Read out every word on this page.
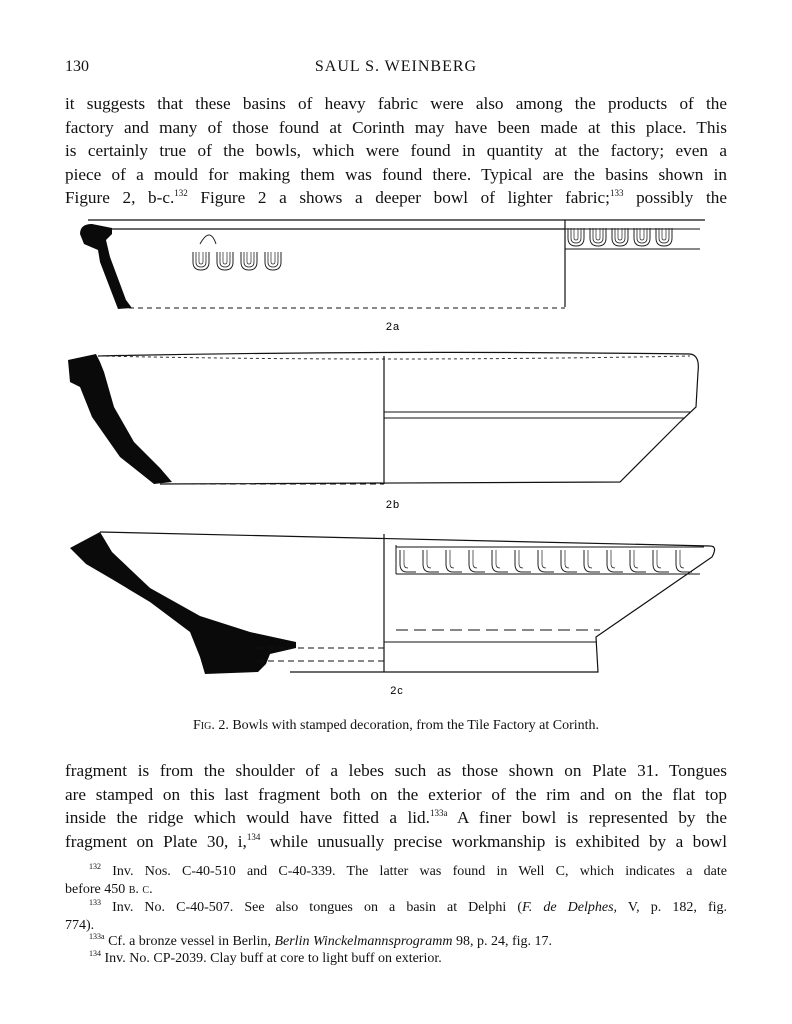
130	SAUL S. WEINBERG
it suggests that these basins of heavy fabric were also among the products of the
factory and many of those found at Corinth may have been made at this place. This
is certainly true of the bowls, which were found in quantity at the factory; even a
piece of a mould for making them was found there. Typical are the basins shown in
Figure 2, b-c.$^{132}$ Figure 2 a shows a deeper bowl of lighter fabric;$^{133}$ possibly the
2a
2b
2c
Fig. 2. Bowls with stamped decoration, from the Tile Factory at Corinth.
fragment is from the shoulder of a lebes such as those shown on Plate 31. Tongues
are stamped on this last fragment both on the exterior of the rim and on the flat top
inside the ridge which would have fitted a lid.$^{133a}$ A finer bowl is represented by the
fragment on Plate 30, i,$^{134}$ while unusually precise workmanship is exhibited by a bowl
$^{132}$ Inv. Nos. C-40-510 and C-40-339. The latter was found in Well C, which indicates a date
before 450 b. c.
$^{133}$ Inv. No. C-40-507. See also tongues on a basin at Delphi (F. de Delphes, V, p. 182, fig.
774).
$^{133a}$ Cf. a bronze vessel in Berlin, Berlin Winckelmannsprogramm 98, p. 24, fig. 17.
$^{134}$ Inv. No. CP-2039. Clay buff at core to light buff on exterior.
